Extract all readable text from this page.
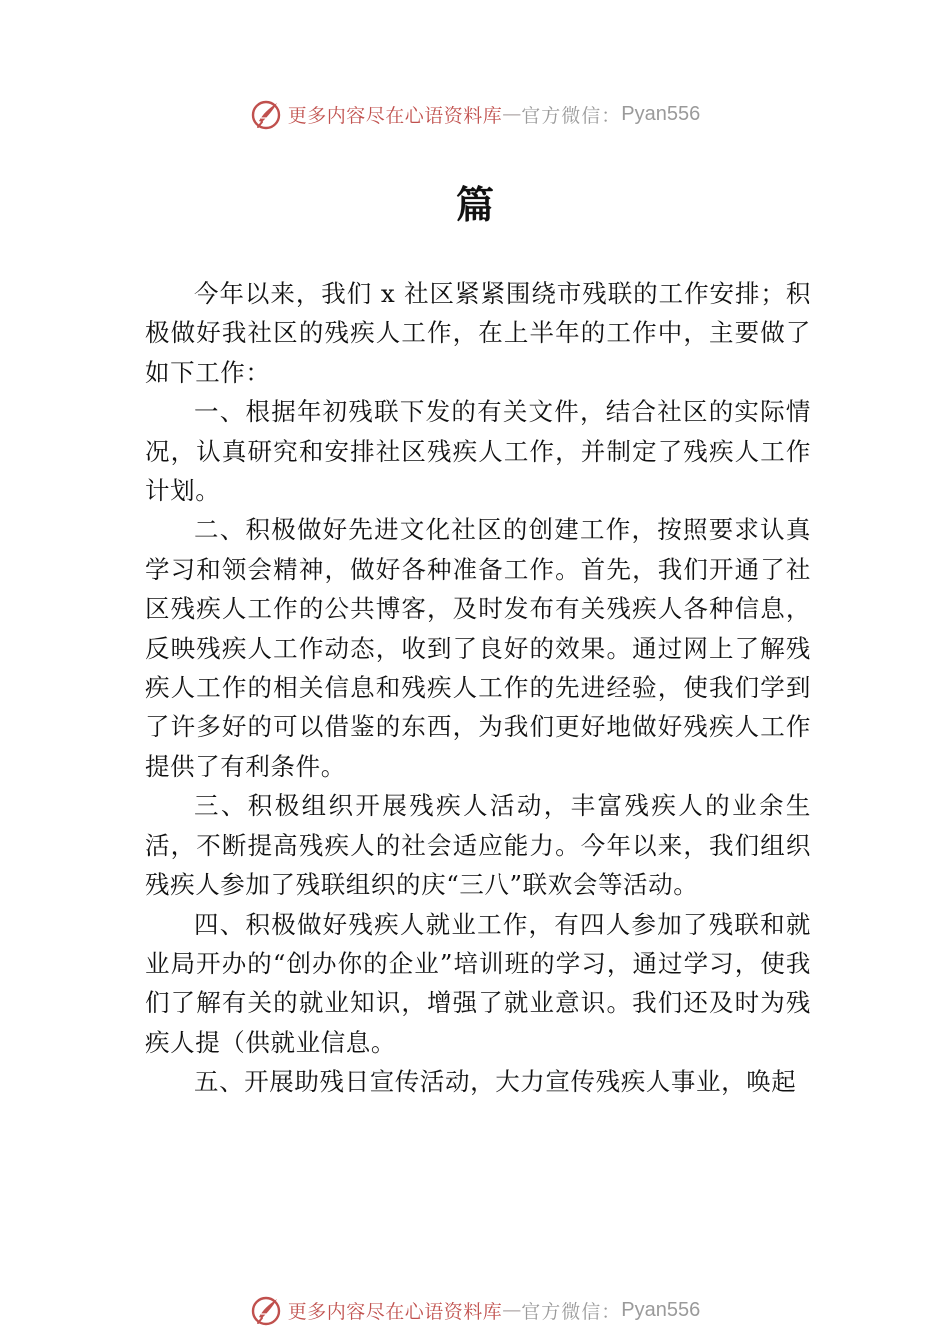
更多内容尽在心语资料库 — 官方微信： Pyan556
篇

今年以来，我们 x 社区紧紧围绕市残联的工作安排；积极做好我社区的残疾人工作，在上半年的工作中，主要做了如下工作：

一、根据年初残联下发的有关文件，结合社区的实际情况，认真研究和安排社区残疾人工作，并制定了残疾人工作计划。

二、积极做好先进文化社区的创建工作，按照要求认真学习和领会精神，做好各种准备工作。首先，我们开通了社区残疾人工作的公共博客，及时发布有关残疾人各种信息， 反映残疾人工作动态，收到了良好的效果。通过网上了解残疾人工作的相关信息和残疾人工作的先进经验，使我们学到了许多好的可以借鉴的东西，为我们更好地做好残疾人工作提供了有利条件。

三、积极组织开展残疾人活动，丰富残疾人的业余生活，不断提高残疾人的社会适应能力。今年以来，我们组织残疾人参加了残联组织的庆“三八”联欢会等活动。

四、积极做好残疾人就业工作，有四人参加了残联和就业局开办的“创办你的企业”培训班的学习，通过学习，使我们了解有关的就业知识，增强了就业意识。我们还及时为残疾人提（供就业信息。

五、开展助残日宣传活动，大力宣传残疾人事业，唤起

更多内容尽在心语资料库 — 官方微信： Pyan556
